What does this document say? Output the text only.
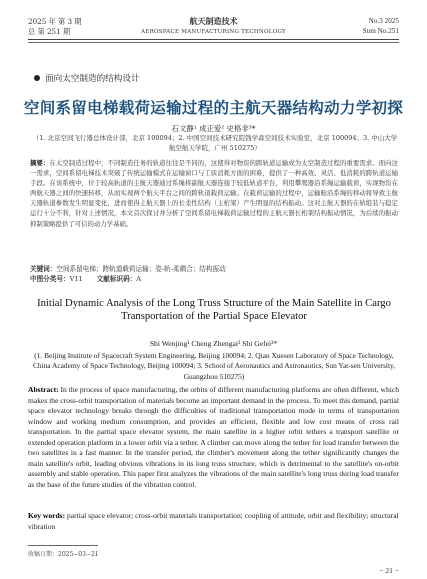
2025 年 第 3 期
总 第 251 期
航天制造技术
AEROSPACE MANUFACTURING TECHNOLOGY
No.3 2025
Sum No.251
面向太空制造的结构设计
空间系留电梯载荷运输过程的主航天器结构动力学初探
石文静¹ 成正爱² 史格非³*
（1. 北京空间飞行器总体设计部，北京 100094；2. 中国空间技术研究院钱学森空间技术实验室，北京 100094；3. 中山大学航空航天学院，广州 510275）
摘要：在太空制造过程中，不同制造任务的轨道往往是不同的，这使得对物资的跨轨道运输成为太空制造过程的重要需求。面向这一需求，空间系留电梯技术突破了传统运输模式在运输窗口与工质消耗方面的困难，提供了一种高效、灵活、低消耗的跨轨道运输手段。在该系统中，位于较高轨道的主航天器通过系绳将副航天器连接于较低轨道平台，利用攀爬器沿系绳运输载荷，实现物资在两航天器之间的快速转移，从而实现两个航天平台之间的跨轨道载荷运输。在载荷运输的过程中，运输舱沿系绳的移动将导致主航天器轨道参数发生明显变化，进而使得主航天器上的长柔性结构（主桁架）产生明显的结构振动。这对主航天器的在轨组装与稳定运行十分不利，针对上述情况，本文首次探讨并分析了空间系留电梯载荷运输过程的主航天器长桁架结构振动情况，为后续的振动抑制策略提供了可信的动力学基础。
关键词：空间系留电梯；跨轨道载荷运输；姿-轨-柔耦合；结构振动
中图分类号：V11 文献标识码：A
Initial Dynamic Analysis of the Long Truss Structure of the Main Satellite in Cargo Transportation of the Partial Space Elevator
Shi Wenjing¹ Cheng Zhengai² Shi Gefei³*
(1. Beijing Institute of Spacecraft System Engineering, Beijing 100094; 2. Qian Xuesen Laboratory of Space Technology, China Academy of Space Technology, Beijing 100094; 3. School of Aeronautics and Astronautics, Sun Yat-sen University, Guangzhou 510275)
Abstract: In the process of space manufacturing, the orbits of different manufacturing platforms are often different, which makes the cross-orbit transportation of materials become an important demand in the process. To meet this demand, partial space elevator technology breaks through the difficulties of traditional transportation mode in terms of transportation window and working medium consumption, and provides an efficient, flexible and low cost means of cross rail transportation. In the partial space elevator system, the main satellite in a higher orbit tethers a transport satellite or extended operation platform in a lower orbit via a tether. A climber can move along the tether for load transfer between the two satellites in a fast manner. In the transfer period, the climber's movement along the tether significantly changes the main satellite's orbit, leading obvious vibrations in its long truss structure, which is detrimental to the satellite's on-orbit assembly and stable operation. This paper first analyzes the vibrations of the main satellite's long truss during load transfer as the base of the future studies of the vibration control.
Key words: partial space elevator; cross-orbit materials transportation; coupling of attitude, orbit and flexibility; structural vibration
收稿日期：2025−03−21
− 21 −
